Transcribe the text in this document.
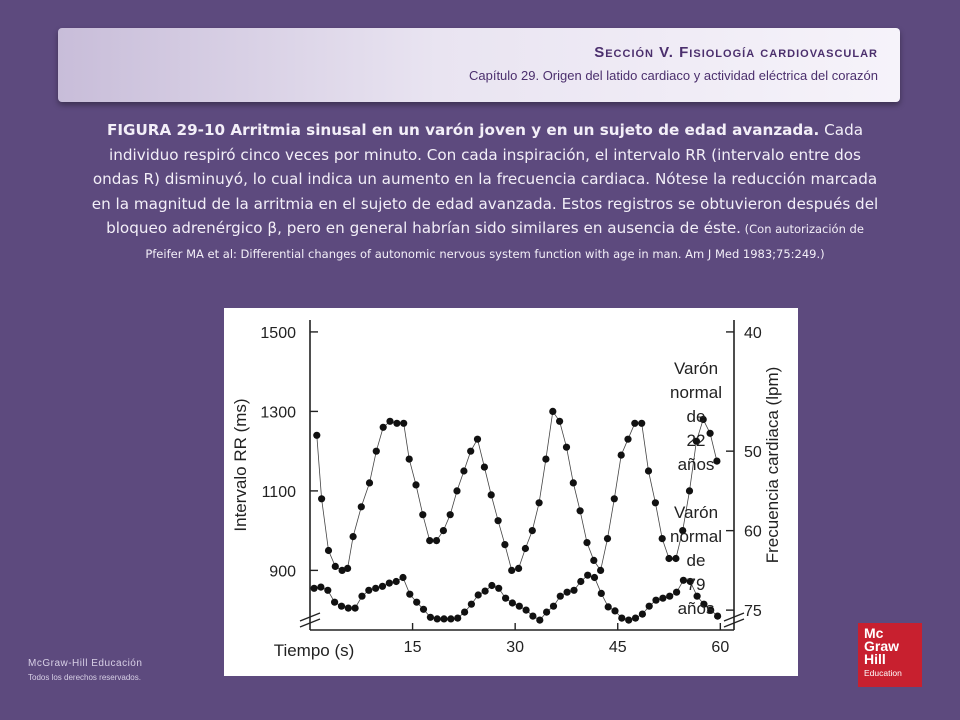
Sección V. Fisiología cardiovascular
Capítulo 29. Origen del latido cardiaco y actividad eléctrica del corazón
FIGURA 29-10 Arritmia sinusal en un varón joven y en un sujeto de edad avanzada. Cada individuo respiró cinco veces por minuto. Con cada inspiración, el intervalo RR (intervalo entre dos ondas R) disminuyó, lo cual indica un aumento en la frecuencia cardiaca. Nótese la reducción marcada en la magnitud de la arritmia en el sujeto de edad avanzada. Estos registros se obtuvieron después del bloqueo adrenérgico β, pero en general habrían sido similares en ausencia de éste. (Con autorización de Pfeifer MA et al: Differential changes of autonomic nervous system function with age in man. Am J Med 1983;75:249.)
900
1100
1300
1500	40
50
60
75
15	30	45	60
Tiempo (s)
Intervalo RR (ms)	Frecuencia cardiaca (lpm)
Varón
normal
de
22
años
Varón
normal
de
79
años
Mc
Graw
Hill
Education
McGraw-Hill Educación
Todos los derechos reservados.
